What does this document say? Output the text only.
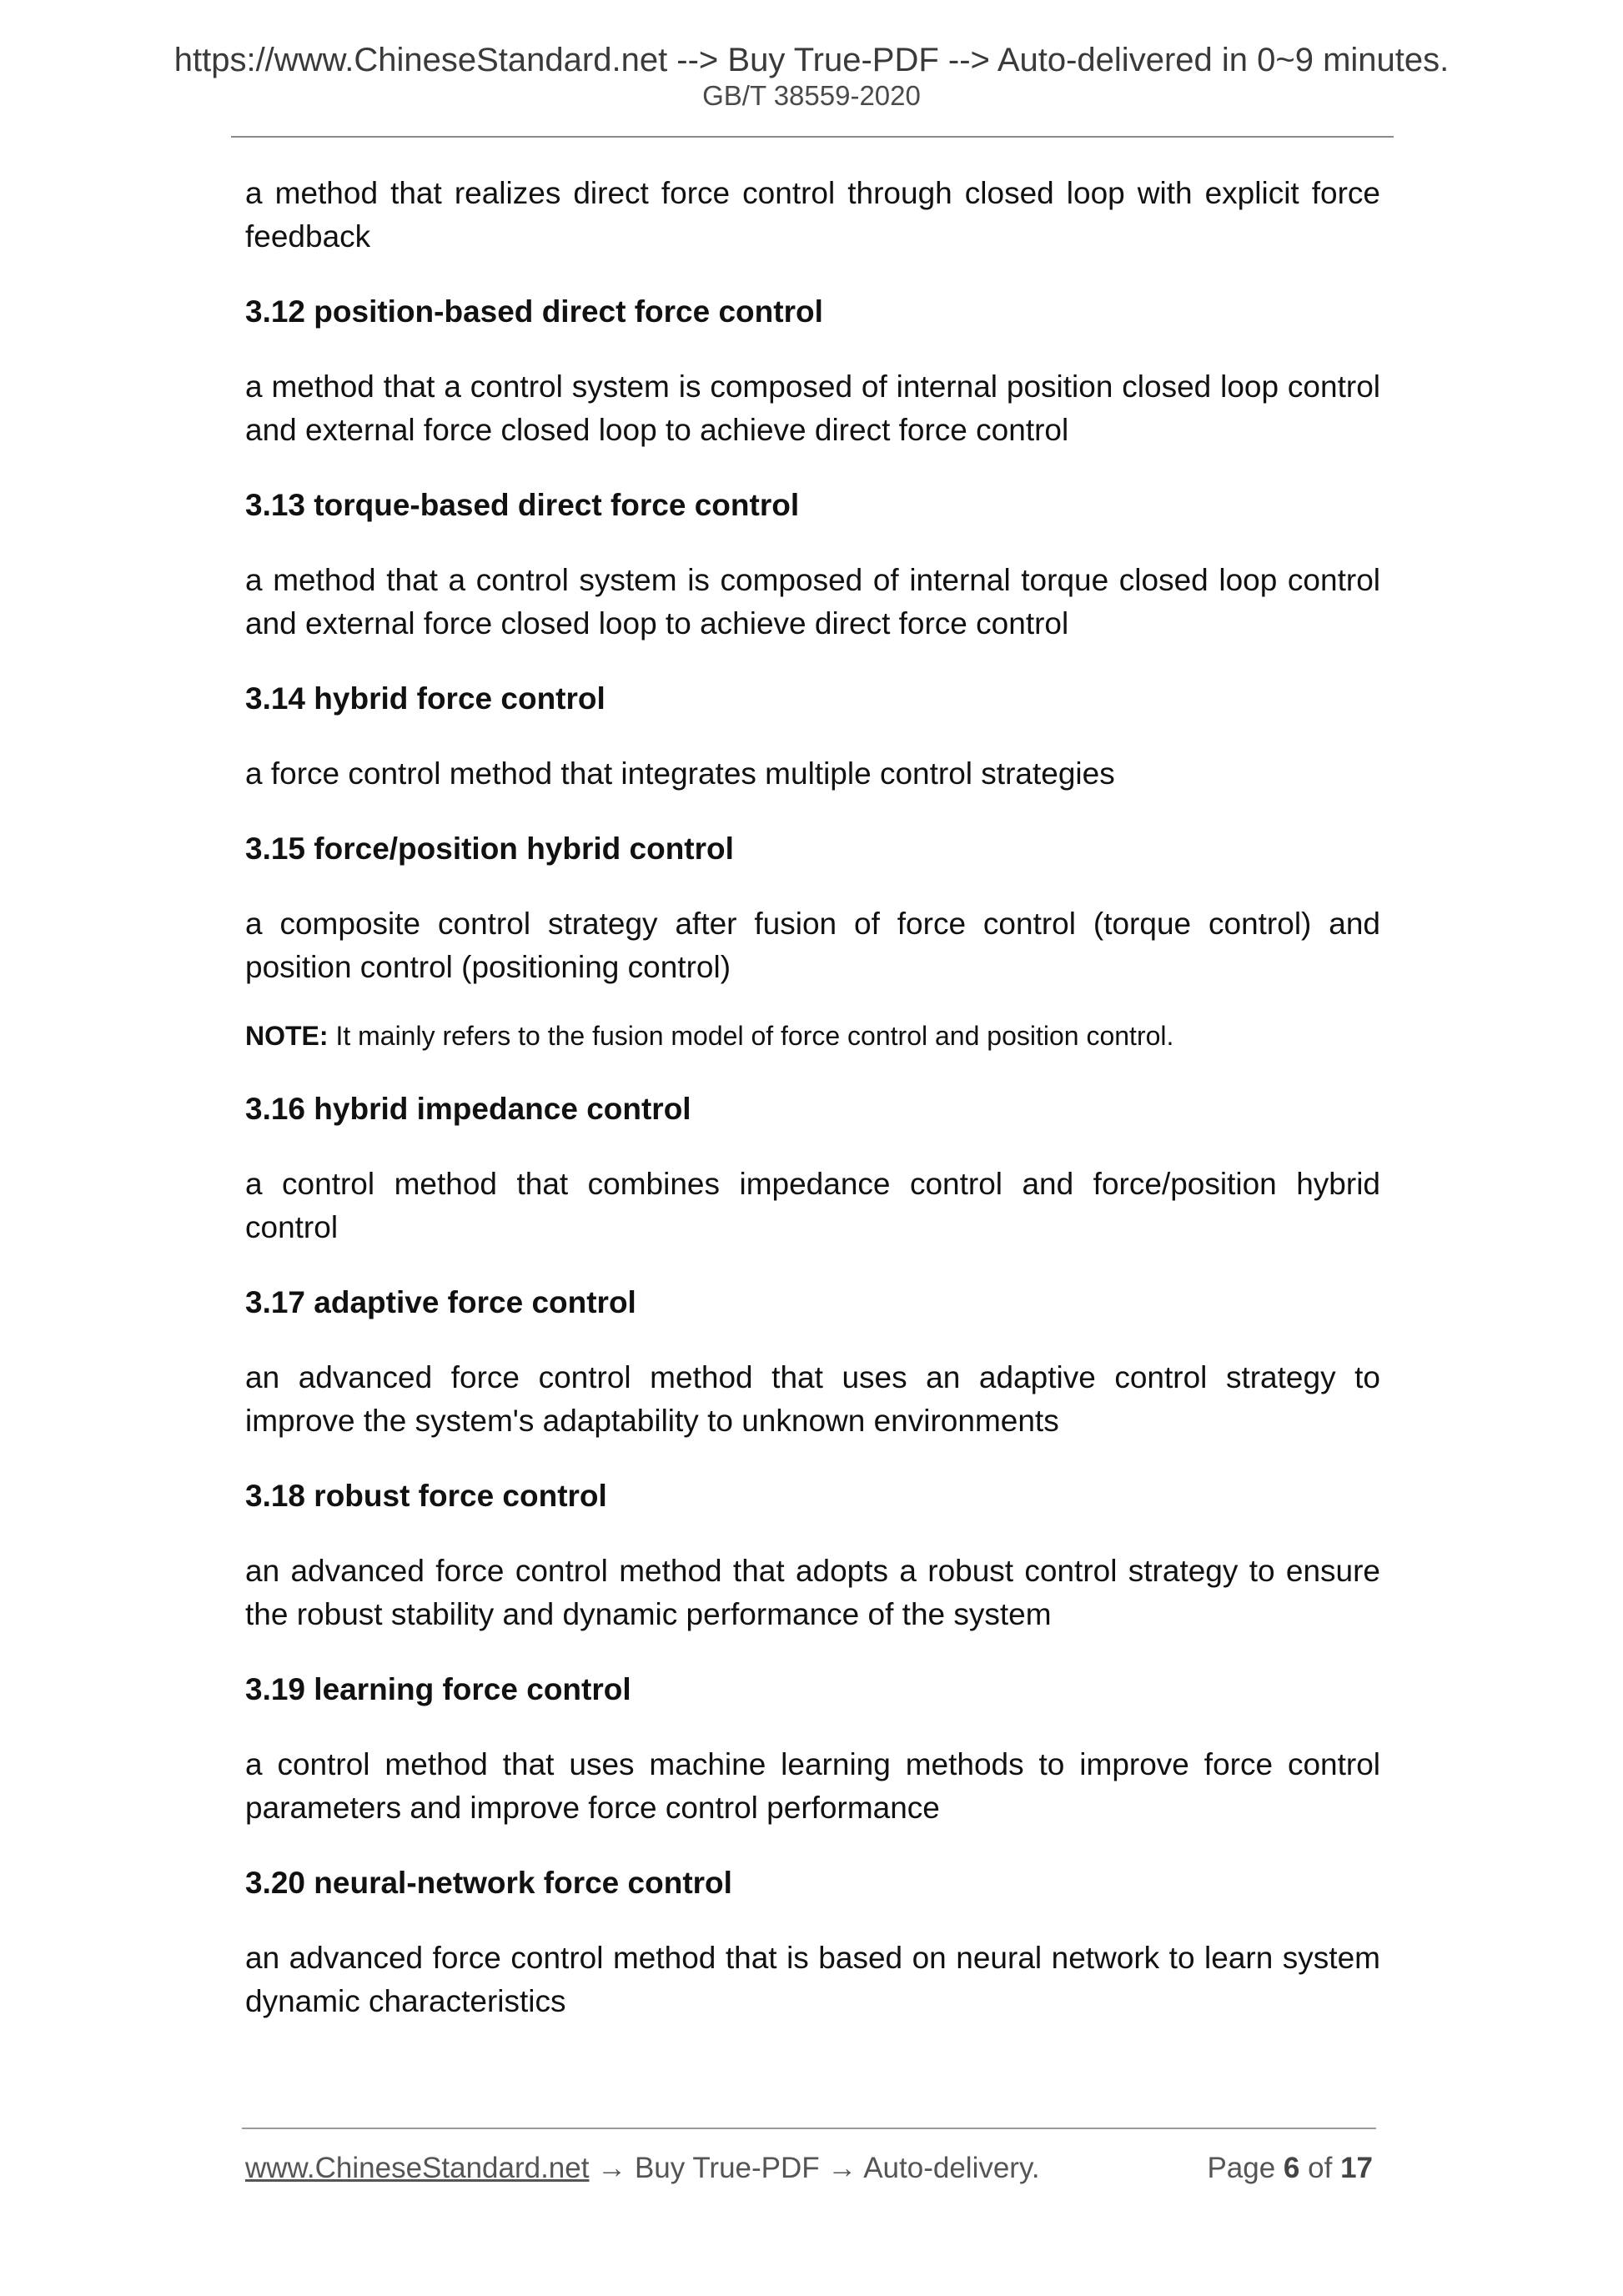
https://www.ChineseStandard.net --> Buy True-PDF --> Auto-delivered in 0~9 minutes.
GB/T 38559-2020

a method that realizes direct force control through closed loop with explicit force feedback

3.12 position-based direct force control

a method that a control system is composed of internal position closed loop control and external force closed loop to achieve direct force control

3.13 torque-based direct force control

a method that a control system is composed of internal torque closed loop control and external force closed loop to achieve direct force control

3.14 hybrid force control

a force control method that integrates multiple control strategies

3.15 force/position hybrid control

a composite control strategy after fusion of force control (torque control) and position control (positioning control)

NOTE: It mainly refers to the fusion model of force control and position control.

3.16 hybrid impedance control

a control method that combines impedance control and force/position hybrid control

3.17 adaptive force control

an advanced force control method that uses an adaptive control strategy to improve the system's adaptability to unknown environments

3.18 robust force control

an advanced force control method that adopts a robust control strategy to ensure the robust stability and dynamic performance of the system

3.19 learning force control

a control method that uses machine learning methods to improve force control parameters and improve force control performance

3.20 neural-network force control

an advanced force control method that is based on neural network to learn system dynamic characteristics

www.ChineseStandard.net → Buy True-PDF → Auto-delivery.	Page 6 of 17
